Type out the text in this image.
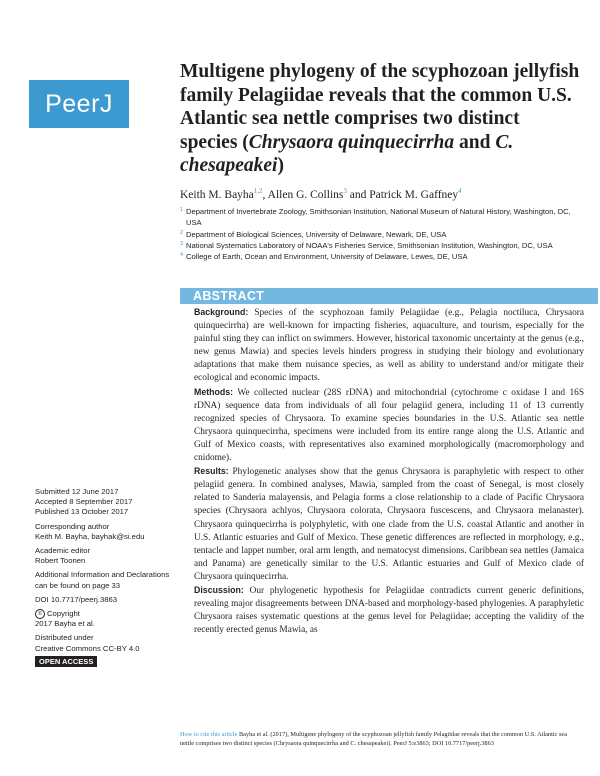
PeerJ
Multigene phylogeny of the scyphozoan jellyfish family Pelagiidae reveals that the common U.S. Atlantic sea nettle comprises two distinct species (Chrysaora quinquecirrha and C. chesapeakei)

Keith M. Bayha$^{1,2}$, Allen G. Collins$^3$ and Patrick M. Gaffney$^4$

1 Department of Invertebrate Zoology, Smithsonian Institution, National Museum of Natural History, Washington, DC, USA
2 Department of Biological Sciences, University of Delaware, Newark, DE, USA
3 National Systematics Laboratory of NOAA's Fisheries Service, Smithsonian Institution, Washington, DC, USA
4 College of Earth, Ocean and Environment, University of Delaware, Lewes, DE, USA
ABSTRACT

Background: Species of the scyphozoan family Pelagiidae (e.g., Pelagia noctiluca, Chrysaora quinquecirrha) are well-known for impacting fisheries, aquaculture, and tourism, especially for the painful sting they can inflict on swimmers. However, historical taxonomic uncertainty at the genus (e.g., new genus Mawia) and species levels hinders progress in studying their biology and evolutionary adaptations that make them nuisance species, as well as ability to understand and/or mitigate their ecological and economic impacts.

Methods: We collected nuclear (28S rDNA) and mitochondrial (cytochrome c oxidase I and 16S rDNA) sequence data from individuals of all four pelagiid genera, including 11 of 13 currently recognized species of Chrysaora. To examine species boundaries in the U.S. Atlantic sea nettle Chrysaora quinquecirrha, specimens were included from its entire range along the U.S. Atlantic and Gulf of Mexico coasts, with representatives also examined morphologically (macromorphology and cnidome).

Results: Phylogenetic analyses show that the genus Chrysaora is paraphyletic with respect to other pelagiid genera. In combined analyses, Mawia, sampled from the coast of Senegal, is most closely related to Sanderia malayensis, and Pelagia forms a close relationship to a clade of Pacific Chrysaora species (Chrysaora achlyos, Chrysaora colorata, Chrysaora fuscescens, and Chrysaora melanaster). Chrysaora quinquecirrha is polyphyletic, with one clade from the U.S. coastal Atlantic and another in U.S. Atlantic estuaries and Gulf of Mexico. These genetic differences are reflected in morphology, e.g., tentacle and lappet number, oral arm length, and nematocyst dimensions. Caribbean sea nettles (Jamaica and Panama) are genetically similar to the U.S. Atlantic estuaries and Gulf of Mexico clade of Chrysaora quinquecirrha.

Discussion: Our phylogenetic hypothesis for Pelagiidae contradicts current generic definitions, revealing major disagreements between DNA-based and morphology-based phylogenies. A paraphyletic Chrysaora raises systematic questions at the genus level for Pelagiidae; accepting the validity of the recently erected genus Mawia, as

Submitted 12 June 2017
Accepted 8 September 2017
Published 13 October 2017
Corresponding author
Keith M. Bayha, bayhak@si.edu
Academic editor
Robert Toonen
Additional Information and Declarations can be found on page 33
DOI 10.7717/peerj.3863
© Copyright
2017 Bayha et al.
Distributed under
Creative Commons CC-BY 4.0
OPEN ACCESS
How to cite this article Bayha et al. (2017), Multigene phylogeny of the scyphozoan jellyfish family Pelagiidae reveals that the common U.S. Atlantic sea nettle comprises two distinct species (Chrysaora quinquecirrha and C. chesapeakei). PeerJ 5:e3863; DOI 10.7717/peerj.3863
